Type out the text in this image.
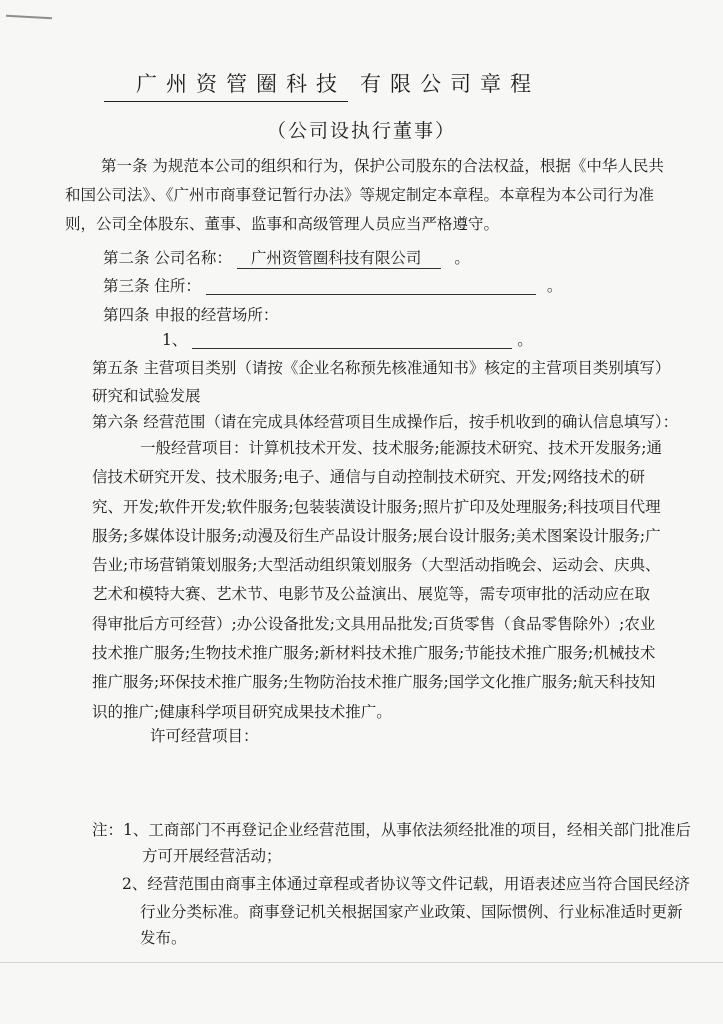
广州资管圈科技 有限公司章程
（公司设执行董事）

第一条 为规范本公司的组织和行为，保护公司股东的合法权益，根据《中华人民共和国公司法》、《广州市商事登记暂行办法》等规定制定本章程。本章程为本公司行为准则，公司全体股东、董事、监事和高级管理人员应当严格遵守。

第二条 公司名称： 广州资管圈科技有限公司 。
第三条 住所：	。
第四条 申报的经营场所：
1、	。
第五条 主营项目类别（请按《企业名称预先核准通知书》核定的主营项目类别填写）
研究和试验发展
第六条 经营范围（请在完成具体经营项目生成操作后，按手机收到的确认信息填写）：

一般经营项目：计算机技术开发、技术服务;能源技术研究、技术开发服务;通信技术研究开发、技术服务;电子、通信与自动控制技术研究、开发;网络技术的研究、开发;软件开发;软件服务;包装装潢设计服务;照片扩印及处理服务;科技项目代理服务;多媒体设计服务;动漫及衍生产品设计服务;展台设计服务;美术图案设计服务;广告业;市场营销策划服务;大型活动组织策划服务（大型活动指晚会、运动会、庆典、艺术和模特大赛、艺术节、电影节及公益演出、展览等，需专项审批的活动应在取得审批后方可经营）;办公设备批发;文具用品批发;百货零售（食品零售除外）;农业技术推广服务;生物技术推广服务;新材料技术推广服务;节能技术推广服务;机械技术推广服务;环保技术推广服务;生物防治技术推广服务;国学文化推广服务;航天科技知识的推广;健康科学项目研究成果技术推广。

许可经营项目：
注：1、工商部门不再登记企业经营范围，从事依法须经批准的项目，经相关部门批准后
方可开展经营活动；
2、经营范围由商事主体通过章程或者协议等文件记载，用语表述应当符合国民经济
行业分类标准。商事登记机关根据国家产业政策、国际惯例、行业标准适时更新
发布。
